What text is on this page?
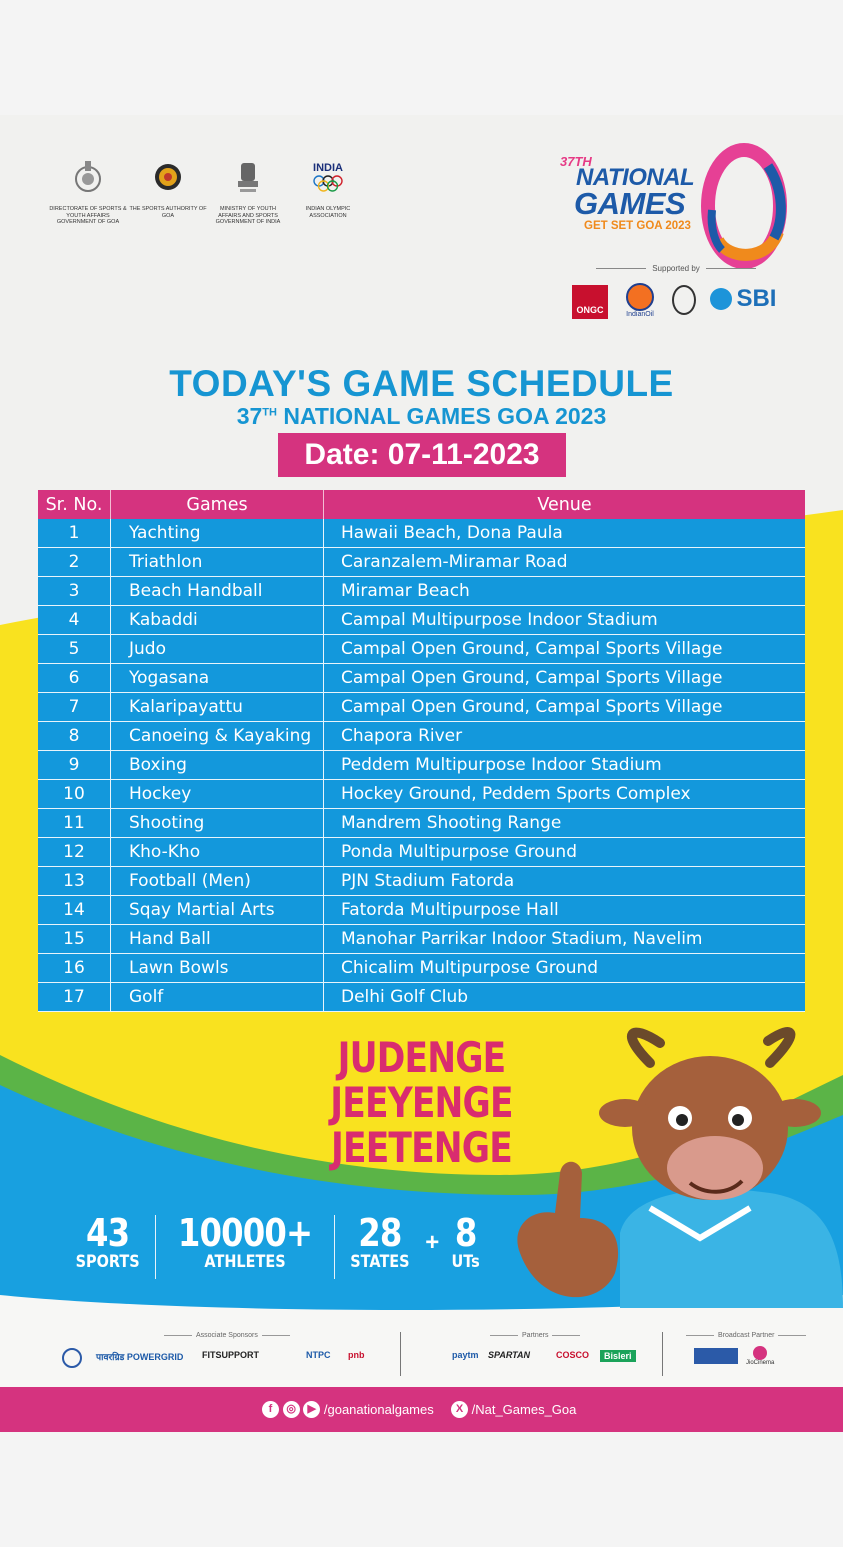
DIRECTORATE OF SPORTS & YOUTH AFFAIRS GOVERNMENT OF GOA
THE SPORTS AUTHORITY OF GOA
MINISTRY OF YOUTH AFFAIRS AND SPORTS GOVERNMENT OF INDIA
INDIA
INDIAN OLYMPIC ASSOCIATION
37TH
NATIONAL
GAMES
GET SET GOA 2023
Supported by
ONGC	IndianOil
SBI
TODAY'S GAME SCHEDULE
37TH NATIONAL GAMES GOA 2023
Date: 07-11-2023
Sr. No.	Games	Venue
1	Yachting	Hawaii Beach, Dona Paula
2	Triathlon	Caranzalem-Miramar Road
3	Beach Handball	Miramar Beach
4	Kabaddi	Campal Multipurpose Indoor Stadium
5	Judo	Campal Open Ground, Campal Sports Village
6	Yogasana	Campal Open Ground, Campal Sports Village
7	Kalaripayattu	Campal Open Ground, Campal Sports Village
8	Canoeing & Kayaking	Chapora River
9	Boxing	Peddem Multipurpose Indoor Stadium
10	Hockey	Hockey Ground, Peddem Sports Complex
11	Shooting	Mandrem Shooting Range
12	Kho-Kho	Ponda Multipurpose Ground
13	Football (Men)	PJN Stadium Fatorda
14	Sqay Martial Arts	Fatorda Multipurpose Hall
15	Hand Ball	Manohar Parrikar Indoor Stadium, Navelim
16	Lawn Bowls	Chicalim Multipurpose Ground
17	Golf	Delhi Golf Club
JUDENGE
JEEYENGE
JEETENGE
43
SPORTS
10000+
ATHLETES
28
STATES
+ 8
UTs
Associate Sponsors
पावरग्रिड POWERGRID FITSUPPORT	NTPC pnb
Partners
paytm SPARTAN	COSCO	Bisleri
Broadcast Partner
JioCinema
f ◎ ▶ /goanationalgames X /Nat_Games_Goa
